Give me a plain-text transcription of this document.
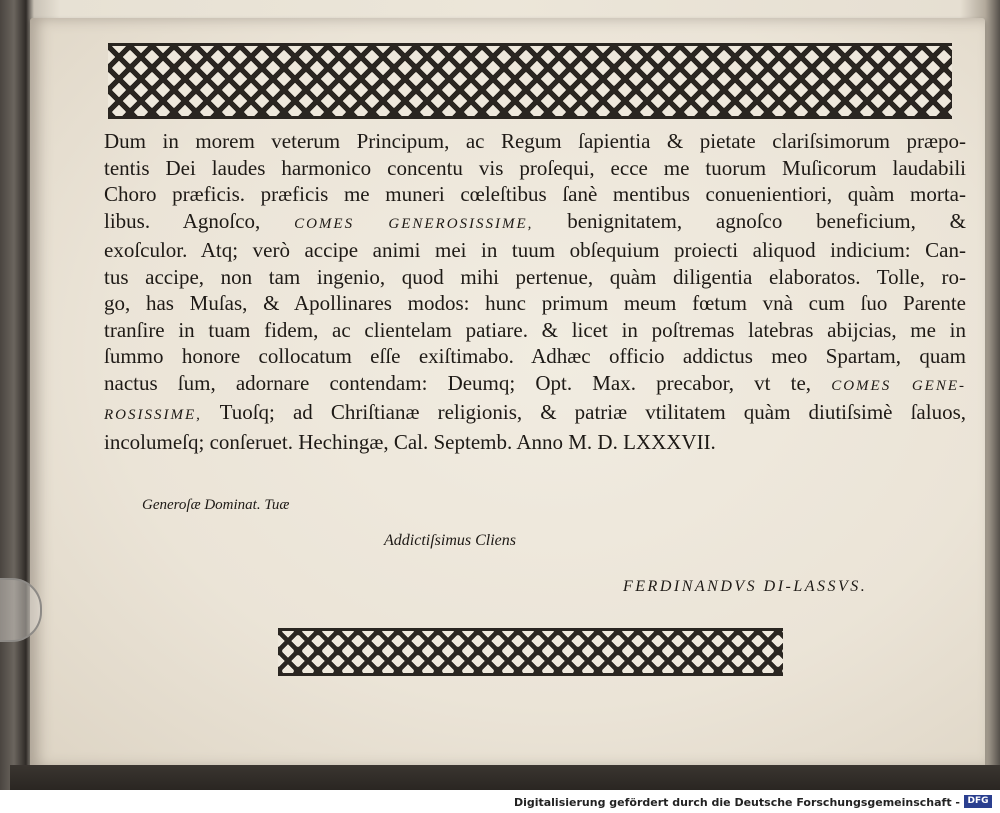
Dum in morem veterum Principum, ac Regum ſapientia & pietate clariſsimorum præpo-
tentis Dei laudes harmonico concentu vis proſequi, ecce me tuorum Muſicorum laudabili
Choro præficis. præficis me muneri cœleſtibus ſanè mentibus conuenientiori, quàm morta-
libus. Agnoſco, COMES GENEROSISSIME, benignitatem, agnoſco beneficium, &
exoſculor. Atq; verò accipe animi mei in tuum obſequium proiecti aliquod indicium: Can-
tus accipe, non tam ingenio, quod mihi pertenue, quàm diligentia elaboratos. Tolle, ro-
go, has Muſas, & Apollinares modos: hunc primum meum fœtum vnà cum ſuo Parente
tranſire in tuam fidem, ac clientelam patiare. & licet in poſtremas latebras abijcias, me in
ſummo honore collocatum eſſe exiſtimabo. Adhæc officio addictus meo Spartam, quam
nactus ſum, adornare contendam: Deumq; Opt. Max. precabor, vt te, COMES GENE-
ROSISSIME, Tuoſq; ad Chriſtianæ religionis, & patriæ vtilitatem quàm diutiſsimè ſaluos,
incolumeſq; conſeruet. Hechingæ, Cal. Septemb. Anno M. D. LXXXVII.
Generoſæ Dominat. Tuæ
Addictiſsimus Cliens
FERDINANDVS DI-LASSVS.
Digitalisierung gefördert durch die Deutsche Forschungsgemeinschaft - DFG
